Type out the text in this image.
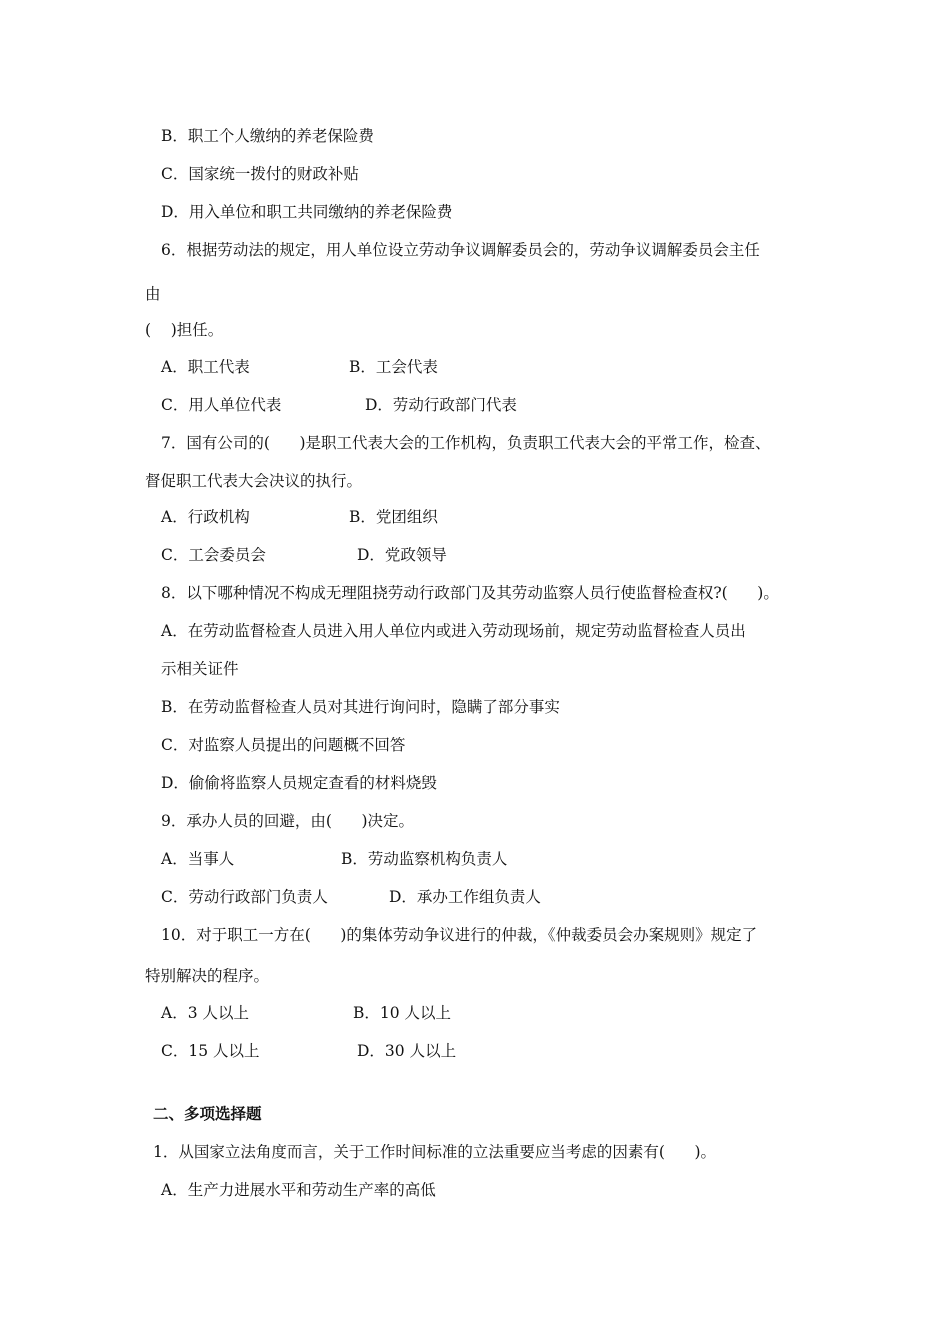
B．职工个人缴纳的养老保险费
C．国家统一拨付的财政补贴
D．用入单位和职工共同缴纳的养老保险费
6．根据劳动法的规定，用人单位设立劳动争议调解委员会的，劳动争议调解委员会主任
由
(    )担任。
A．职工代表	B．工会代表
C．用人单位代表	D．劳动行政部门代表
7．国有公司的(      )是职工代表大会的工作机构，负责职工代表大会的平常工作，检查、
督促职工代表大会决议的执行。
A．行政机构	B．党团组织
C．工会委员会	D．党政领导
8．以下哪种情况不构成无理阻挠劳动行政部门及其劳动监察人员行使监督检查权?(      )。
A．在劳动监督检查人员进入用人单位内或进入劳动现场前，规定劳动监督检查人员出
示相关证件
B．在劳动监督检查人员对其进行询问时，隐瞒了部分事实
C．对监察人员提出的问题概不回答
D．偷偷将监察人员规定查看的材料烧毁
9．承办人员的回避，由(      )决定。
A．当事人	B．劳动监察机构负责人
C．劳动行政部门负责人	D．承办工作组负责人
10．对于职工一方在(      )的集体劳动争议进行的仲裁，《仲裁委员会办案规则》规定了
特别解决的程序。
A．3 人以上	B．10 人以上
C．15 人以上	D．30 人以上
二、多项选择题
1．从国家立法角度而言，关于工作时间标准的立法重要应当考虑的因素有(      )。
A．生产力进展水平和劳动生产率的高低
